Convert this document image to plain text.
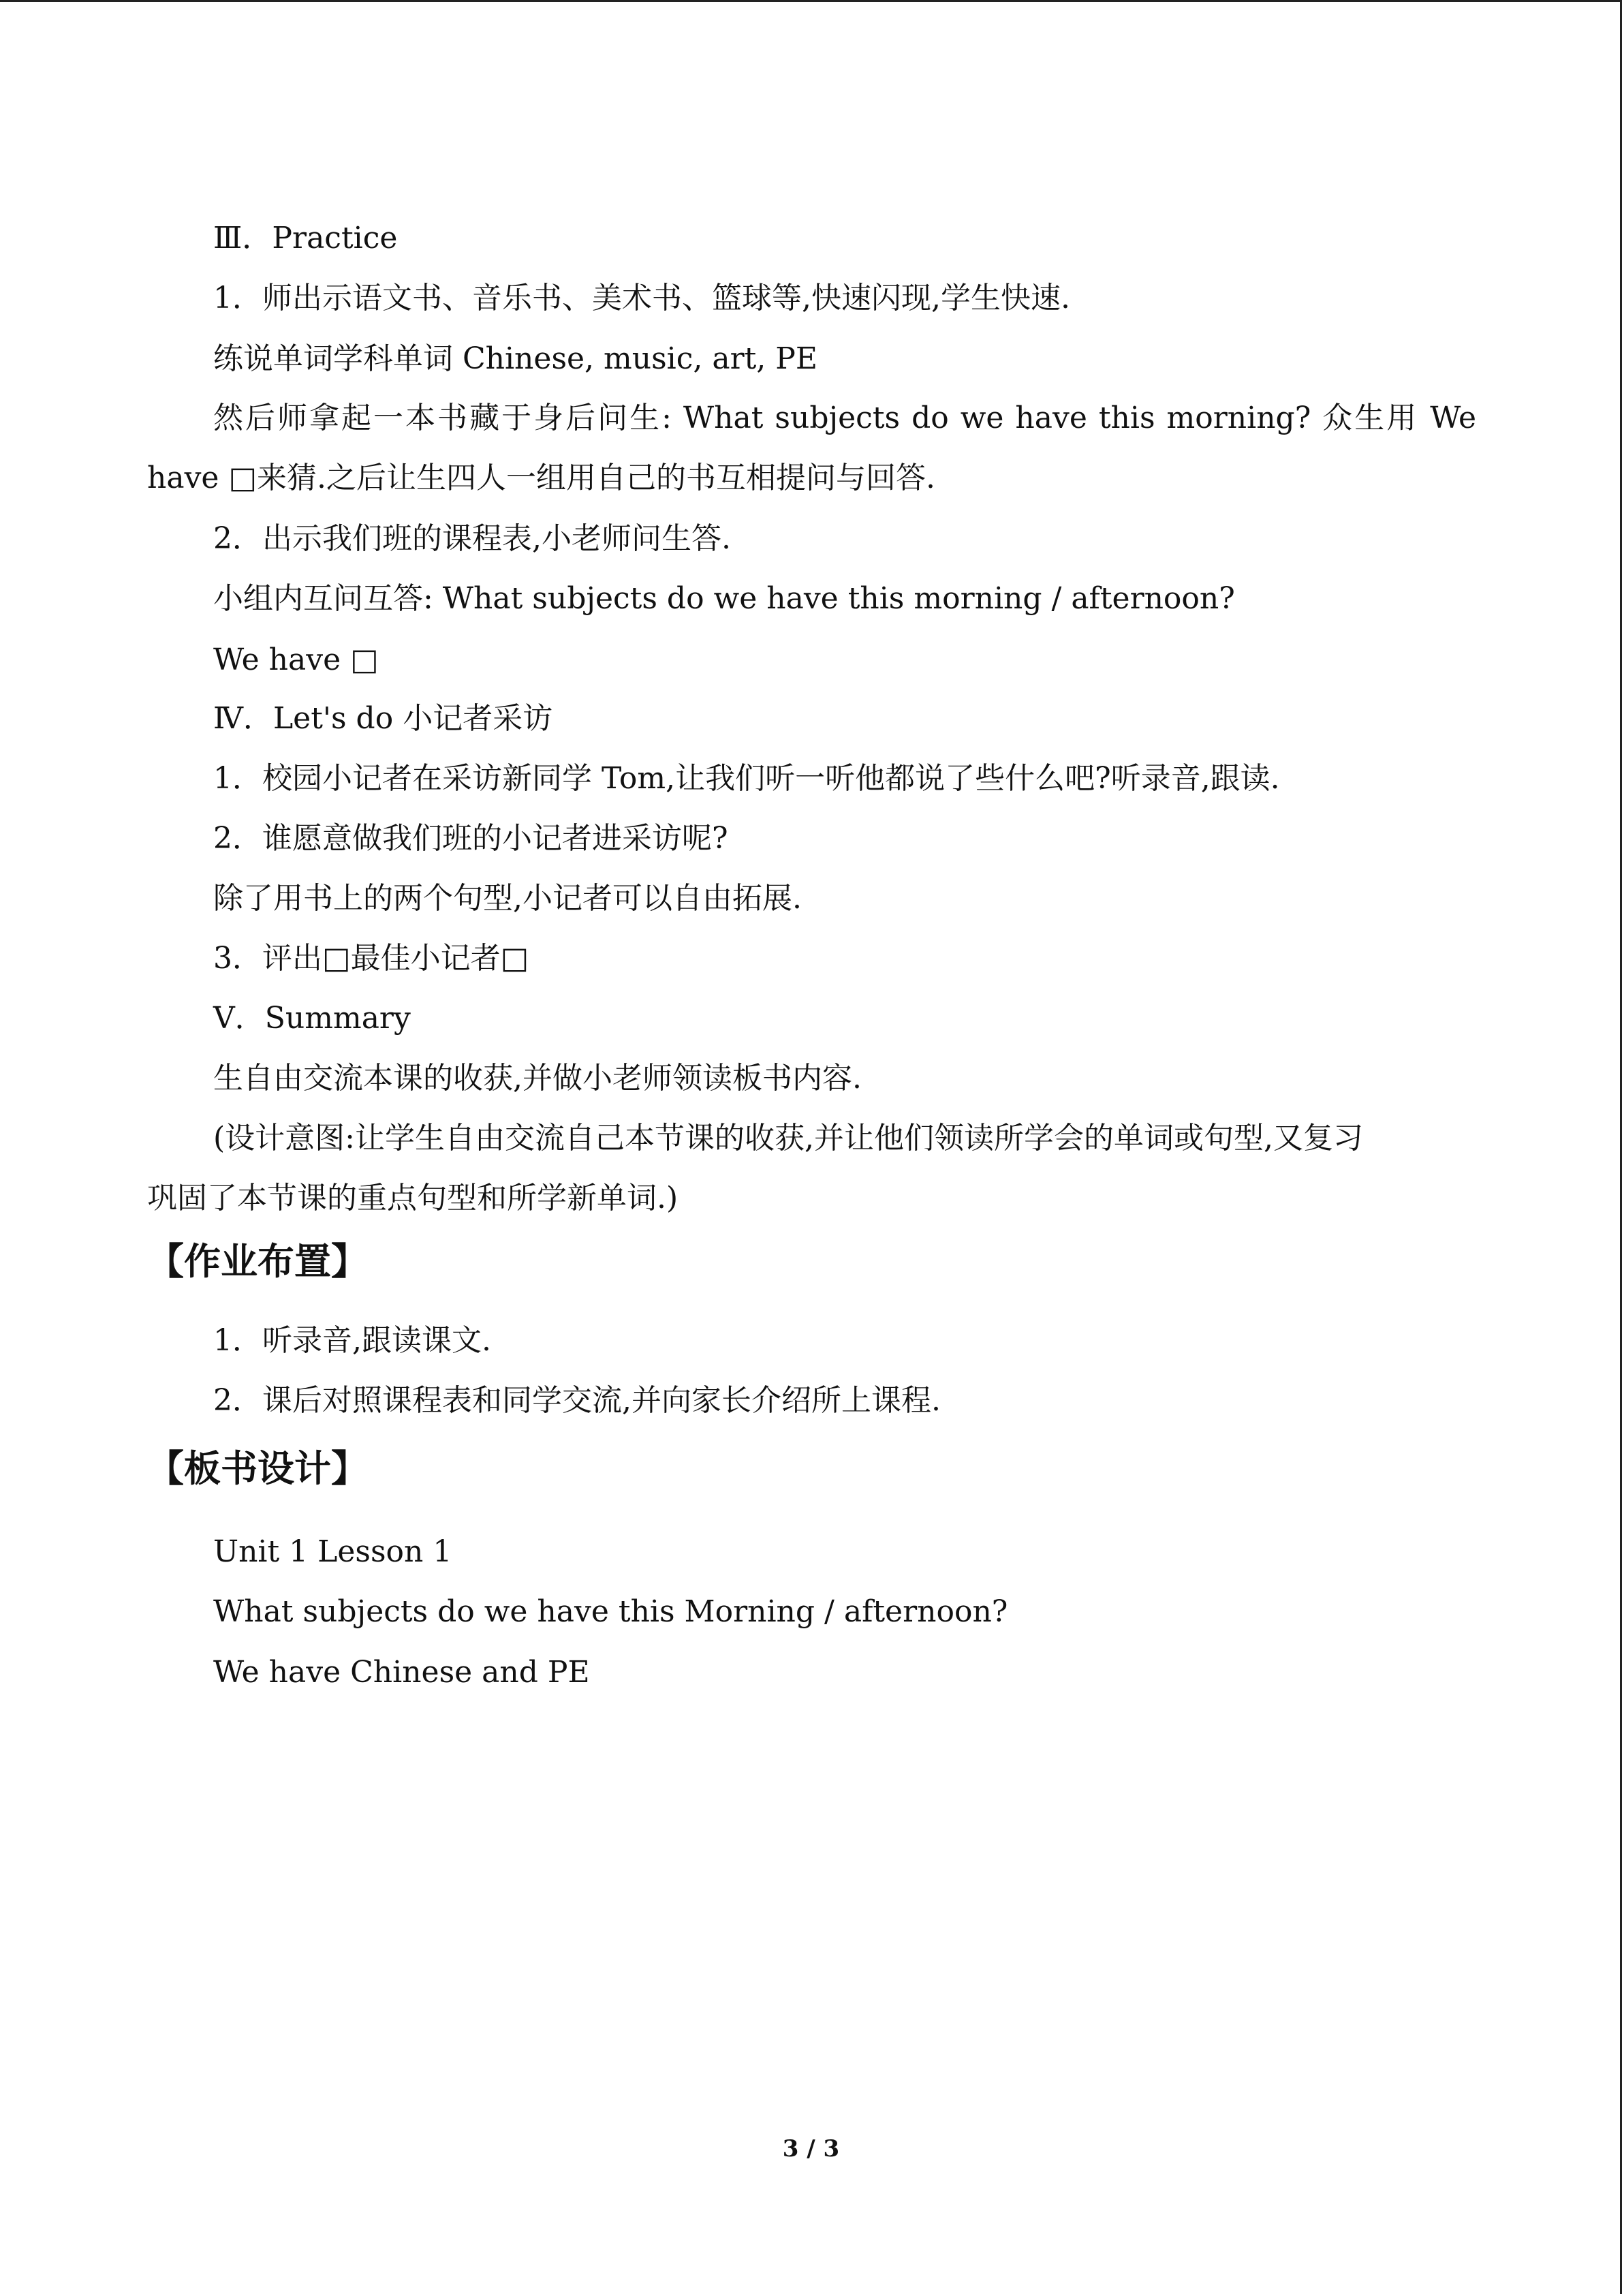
Ⅲ．Practice
1．师出示语文书、音乐书、美术书、篮球等,快速闪现,学生快速.
练说单词学科单词 Chinese, music, art, PE
然后师拿起一本书藏于身后问生: What subjects do we have this morning? 众生用 We
have □来猜.之后让生四人一组用自己的书互相提问与回答.
2．出示我们班的课程表,小老师问生答.
小组内互问互答: What subjects do we have this morning / afternoon?
We have □
Ⅳ．Let's do 小记者采访
1．校园小记者在采访新同学 Tom,让我们听一听他都说了些什么吧?听录音,跟读.
2．谁愿意做我们班的小记者进采访呢?
除了用书上的两个句型,小记者可以自由拓展.
3．评出□最佳小记者□
Ⅴ．Summary
生自由交流本课的收获,并做小老师领读板书内容.
(设计意图:让学生自由交流自己本节课的收获,并让他们领读所学会的单词或句型,又复习
巩固了本节课的重点句型和所学新单词.)
【作业布置】
1．听录音,跟读课文.
2．课后对照课程表和同学交流,并向家长介绍所上课程.
【板书设计】
Unit 1 Lesson 1
What subjects do we have this Morning / afternoon?
We have Chinese and PE
3 / 3
